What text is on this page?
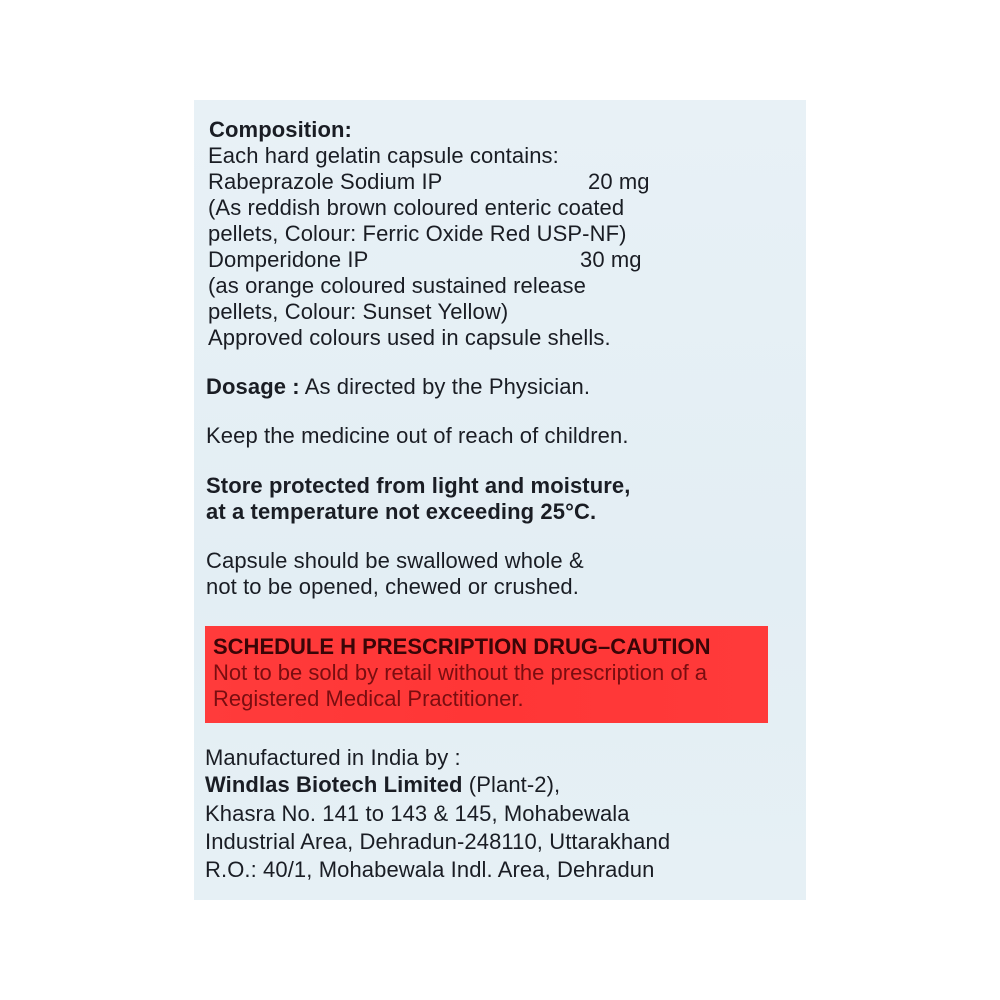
Composition:
Each hard gelatin capsule contains:
Rabeprazole Sodium IP	20 mg
(As reddish brown coloured enteric coated
pellets, Colour: Ferric Oxide Red USP-NF)
Domperidone IP	30 mg
(as orange coloured sustained release
pellets, Colour: Sunset Yellow)
Approved colours used in capsule shells.
Dosage : As directed by the Physician.
Keep the medicine out of reach of children.
Store protected from light and moisture,
at a temperature not exceeding 25°C.
Capsule should be swallowed whole &
not to be opened, chewed or crushed.
SCHEDULE H PRESCRIPTION DRUG–CAUTION
Not to be sold by retail without the prescription of a
Registered Medical Practitioner.
Manufactured in India by :
Windlas Biotech Limited (Plant-2),
Khasra No. 141 to 143 & 145, Mohabewala
Industrial Area, Dehradun-248110, Uttarakhand
R.O.: 40/1, Mohabewala Indl. Area, Dehradun
